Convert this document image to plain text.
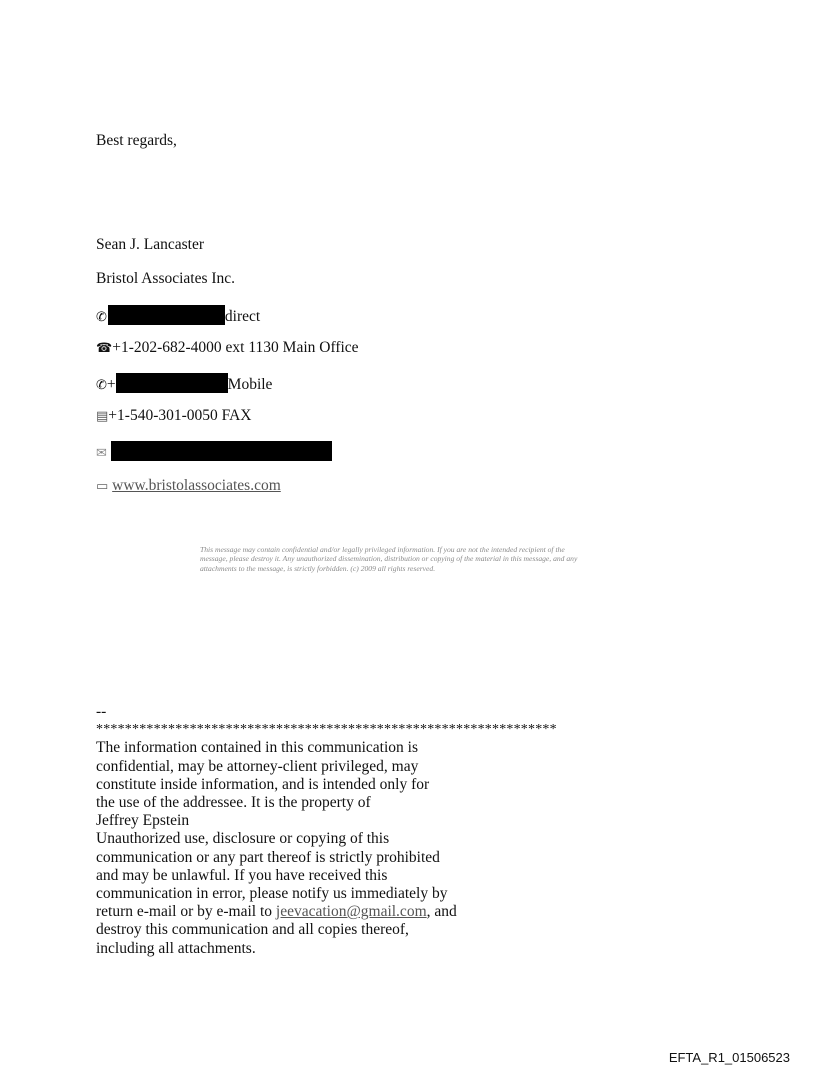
Best regards,
Sean J. Lancaster
Bristol Associates Inc.
✆	direct
☎+1-202-682-4000 ext 1130 Main Office
✆+	Mobile
▤+1-540-301-0050 FAX
✉
▭ www.bristolassociates.com
This message may contain confidential and/or legally privileged information. If you are not the intended recipient of the
message, please destroy it. Any unauthorized dissemination, distribution or copying of the material in this message, and any
attachments to the message, is strictly forbidden. (c) 2009 all rights reserved.
--
****************************************************************
The information contained in this communication is
confidential, may be attorney-client privileged, may
constitute inside information, and is intended only for
the use of the addressee. It is the property of
Jeffrey Epstein
Unauthorized use, disclosure or copying of this
communication or any part thereof is strictly prohibited
and may be unlawful. If you have received this
communication in error, please notify us immediately by
return e-mail or by e-mail to jeevacation@gmail.com, and
destroy this communication and all copies thereof,
including all attachments.
EFTA_R1_01506523
